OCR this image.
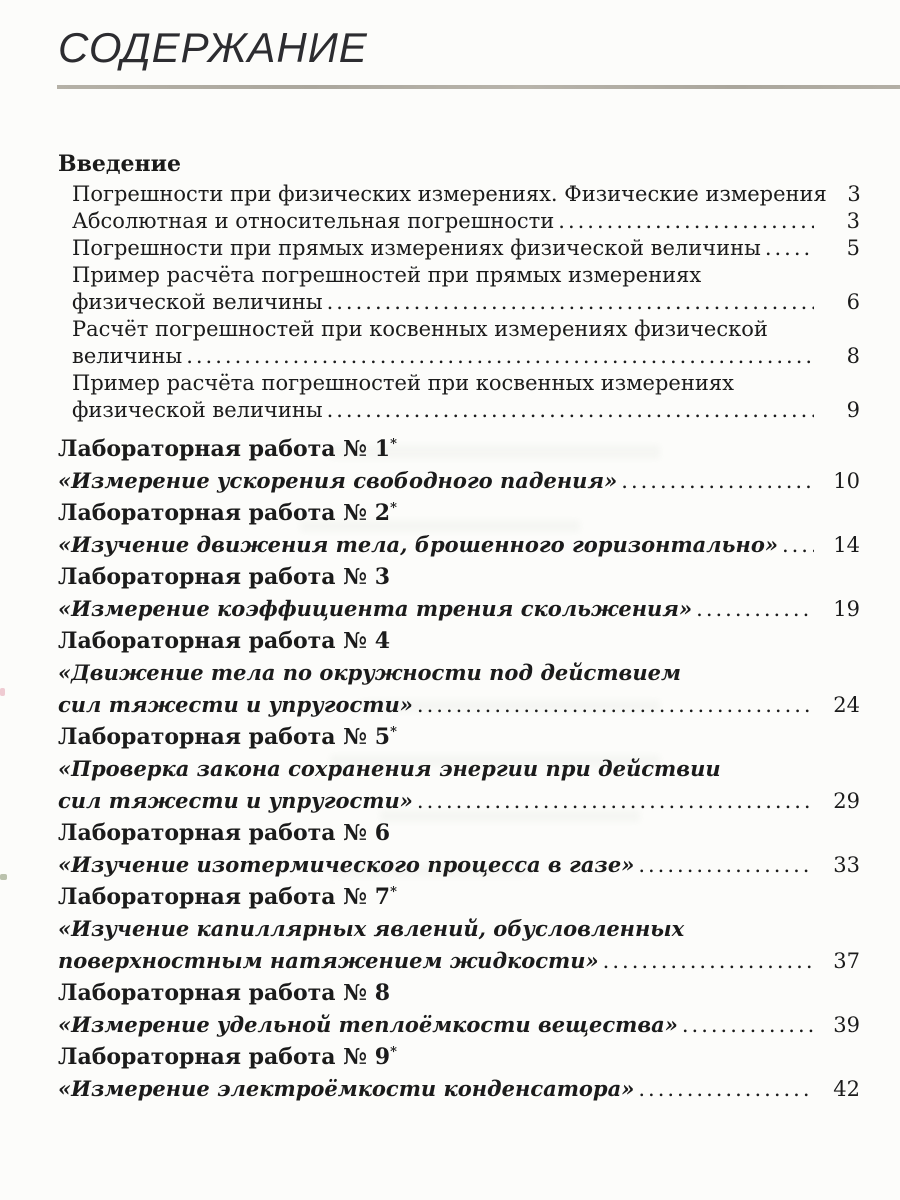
СОДЕРЖАНИЕ
Введение
Погрешности при физических измерениях. Физические измерения 3
Абсолютная и относительная погрешности .....	3
Погрешности при прямых измерениях физической величины .....	5
Пример расчёта погрешностей при прямых измерениях
физической величины .....	6
Расчёт погрешностей при косвенных измерениях физической
величины .....	8
Пример расчёта погрешностей при косвенных измерениях
физической величины .....	9
Лабораторная работа № 1*
«Измерение ускорения свободного падения» .....	10
Лабораторная работа № 2*
«Изучение движения тела, брошенного горизонтально» .....	14
Лабораторная работа № 3
«Измерение коэффициента трения скольжения» .....	19
Лабораторная работа № 4
«Движение тела по окружности под действием
сил тяжести и упругости» .....	24
Лабораторная работа № 5*
«Проверка закона сохранения энергии при действии
сил тяжести и упругости» .....	29
Лабораторная работа № 6
«Изучение изотермического процесса в газе» .....	33
Лабораторная работа № 7*
«Изучение капиллярных явлений, обусловленных
поверхностным натяжением жидкости» .....	37
Лабораторная работа № 8
«Измерение удельной теплоёмкости вещества» .....	39
Лабораторная работа № 9*
«Измерение электроёмкости конденсатора» .....	42
